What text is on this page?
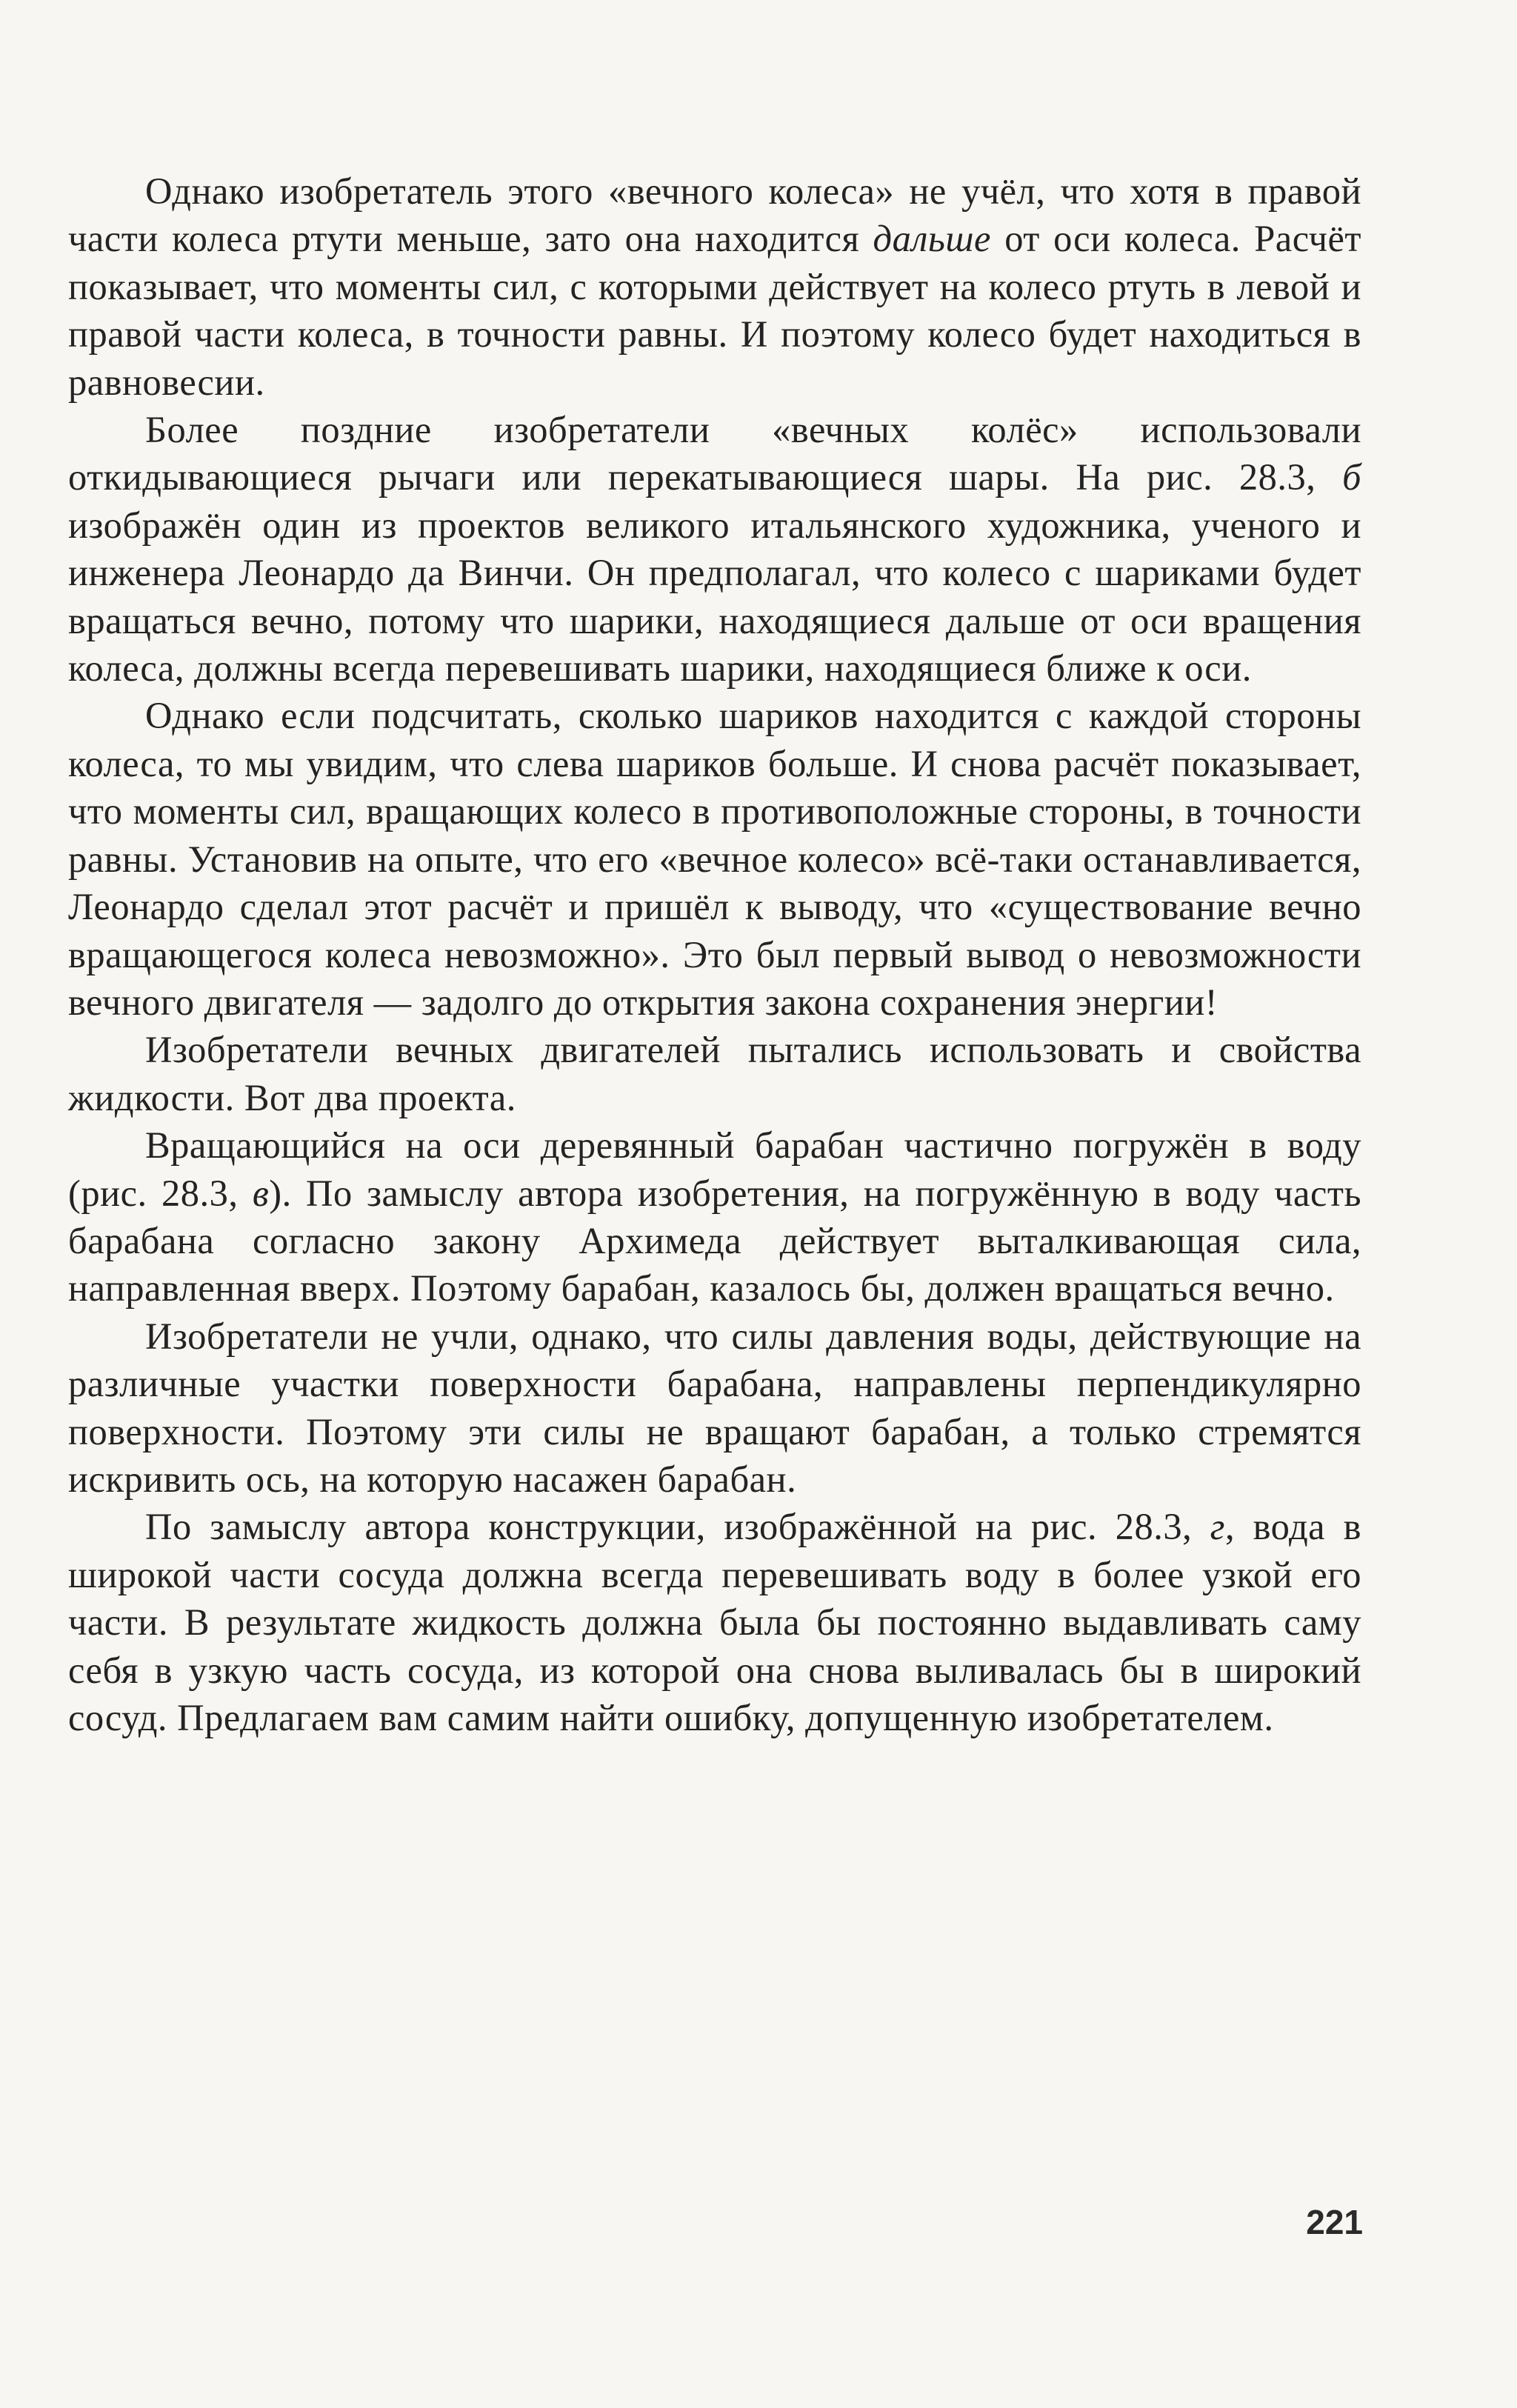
Однако изобретатель этого «вечного колеса» не учёл, что хотя в правой части колеса ртути меньше, зато она находится дальше от оси колеса. Расчёт показывает, что моменты сил, с которыми действует на колесо ртуть в левой и правой части колеса, в точности равны. И поэтому колесо будет находиться в равновесии.

Более поздние изобретатели «вечных колёс» использовали откидывающиеся рычаги или перекатывающиеся шары. На рис. 28.3, б изображён один из проектов великого итальянского художника, ученого и инженера Леонардо да Винчи. Он предполагал, что колесо с шариками будет вращаться вечно, потому что шарики, находящиеся дальше от оси вращения колеса, должны всегда перевешивать шарики, находящиеся ближе к оси.

Однако если подсчитать, сколько шариков находится с каждой стороны колеса, то мы увидим, что слева шариков больше. И снова расчёт показывает, что моменты сил, вращающих колесо в противоположные стороны, в точности равны. Установив на опыте, что его «вечное колесо» всё-таки останавливается, Леонардо сделал этот расчёт и пришёл к выводу, что «существование вечно вращающегося колеса невозможно». Это был первый вывод о невозможности вечного двигателя — задолго до открытия закона сохранения энергии!

Изобретатели вечных двигателей пытались использовать и свойства жидкости. Вот два проекта.

Вращающийся на оси деревянный барабан частично погружён в воду (рис. 28.3, в). По замыслу автора изобретения, на погружённую в воду часть барабана согласно закону Архимеда действует выталкивающая сила, направленная вверх. Поэтому барабан, казалось бы, должен вращаться вечно.

Изобретатели не учли, однако, что силы давления воды, действующие на различные участки поверхности барабана, направлены перпендикулярно поверхности. Поэтому эти силы не вращают барабан, а только стремятся искривить ось, на которую насажен барабан.

По замыслу автора конструкции, изображённой на рис. 28.3, г, вода в широкой части сосуда должна всегда перевешивать воду в более узкой его части. В результате жидкость должна была бы постоянно выдавливать саму себя в узкую часть сосуда, из которой она снова выливалась бы в широкий сосуд. Предлагаем вам самим найти ошибку, допущенную изобретателем.

221
